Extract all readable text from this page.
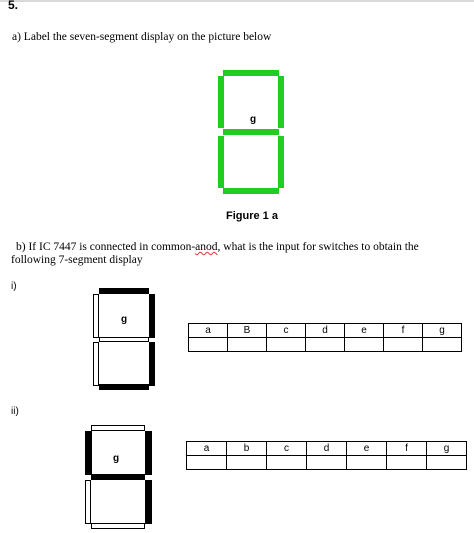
5.
a) Label the seven-segment display on the picture below
g
Figure 1 a
b) If IC 7447 is connected in common-anod, what is the input for switches to obtain the
following 7-segment display
i)
g
a	B	c	d	e	f	g

ii)
g
a	b	c	d	e	f	g
